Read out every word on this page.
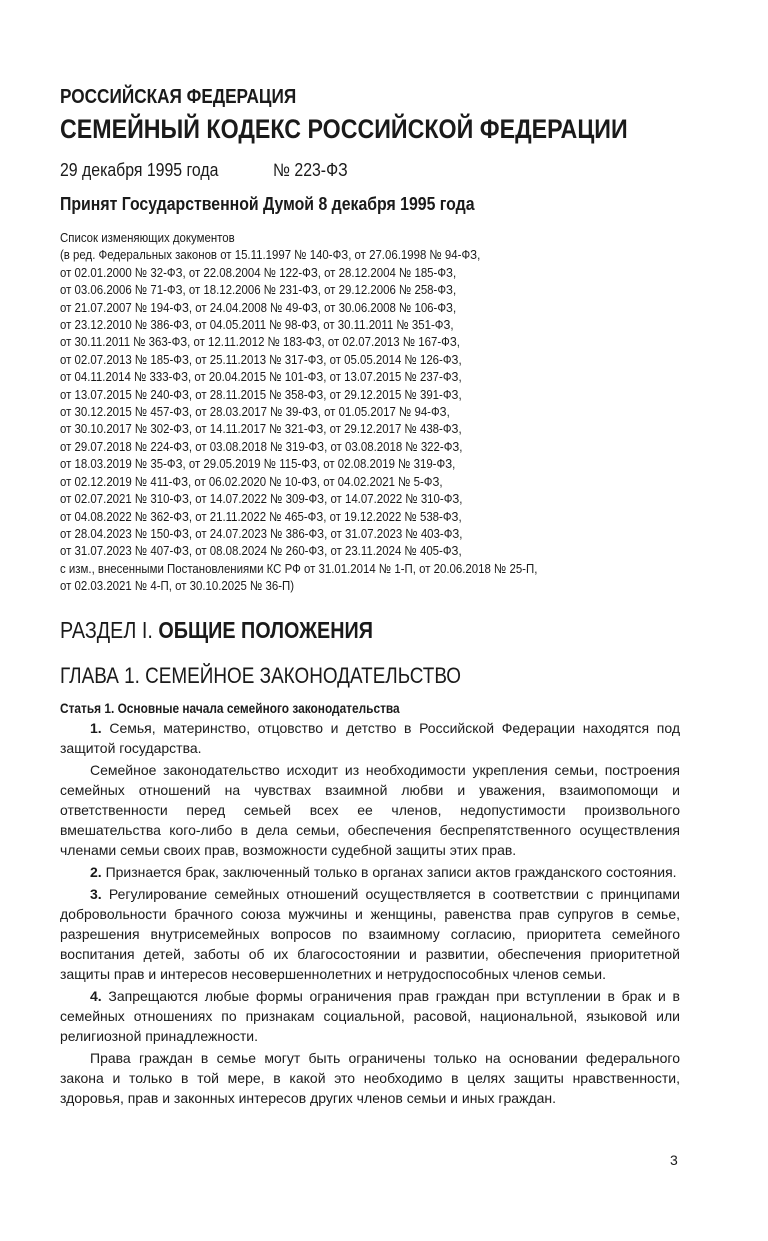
РОССИЙСКАЯ ФЕДЕРАЦИЯ
СЕМЕЙНЫЙ КОДЕКС РОССИЙСКОЙ ФЕДЕРАЦИИ
29 декабря 1995 года	№ 223-ФЗ
Принят Государственной Думой 8 декабря 1995 года
Список изменяющих документов
(в ред. Федеральных законов от 15.11.1997 № 140-ФЗ, от 27.06.1998 № 94-ФЗ,
от 02.01.2000 № 32-ФЗ, от 22.08.2004 № 122-ФЗ, от 28.12.2004 № 185-ФЗ,
от 03.06.2006 № 71-ФЗ, от 18.12.2006 № 231-ФЗ, от 29.12.2006 № 258-ФЗ,
от 21.07.2007 № 194-ФЗ, от 24.04.2008 № 49-ФЗ, от 30.06.2008 № 106-ФЗ,
от 23.12.2010 № 386-ФЗ, от 04.05.2011 № 98-ФЗ, от 30.11.2011 № 351-ФЗ,
от 30.11.2011 № 363-ФЗ, от 12.11.2012 № 183-ФЗ, от 02.07.2013 № 167-ФЗ,
от 02.07.2013 № 185-ФЗ, от 25.11.2013 № 317-ФЗ, от 05.05.2014 № 126-ФЗ,
от 04.11.2014 № 333-ФЗ, от 20.04.2015 № 101-ФЗ, от 13.07.2015 № 237-ФЗ,
от 13.07.2015 № 240-ФЗ, от 28.11.2015 № 358-ФЗ, от 29.12.2015 № 391-ФЗ,
от 30.12.2015 № 457-ФЗ, от 28.03.2017 № 39-ФЗ, от 01.05.2017 № 94-ФЗ,
от 30.10.2017 № 302-ФЗ, от 14.11.2017 № 321-ФЗ, от 29.12.2017 № 438-ФЗ,
от 29.07.2018 № 224-ФЗ, от 03.08.2018 № 319-ФЗ, от 03.08.2018 № 322-ФЗ,
от 18.03.2019 № 35-ФЗ, от 29.05.2019 № 115-ФЗ, от 02.08.2019 № 319-ФЗ,
от 02.12.2019 № 411-ФЗ, от 06.02.2020 № 10-ФЗ, от 04.02.2021 № 5-ФЗ,
от 02.07.2021 № 310-ФЗ, от 14.07.2022 № 309-ФЗ, от 14.07.2022 № 310-ФЗ,
от 04.08.2022 № 362-ФЗ, от 21.11.2022 № 465-ФЗ, от 19.12.2022 № 538-ФЗ,
от 28.04.2023 № 150-ФЗ, от 24.07.2023 № 386-ФЗ, от 31.07.2023 № 403-ФЗ,
от 31.07.2023 № 407-ФЗ, от 08.08.2024 № 260-ФЗ, от 23.11.2024 № 405-ФЗ,
с изм., внесенными Постановлениями КС РФ от 31.01.2014 № 1-П, от 20.06.2018 № 25-П,
от 02.03.2021 № 4-П, от 30.10.2025 № 36-П)
РАЗДЕЛ I. ОБЩИЕ ПОЛОЖЕНИЯ
ГЛАВА 1. СЕМЕЙНОЕ ЗАКОНОДАТЕЛЬСТВО
Статья 1. Основные начала семейного законодательства

1. Семья, материнство, отцовство и детство в Российской Федерации находятся под защитой государства.

Семейное законодательство исходит из необходимости укрепления семьи, построения семейных отношений на чувствах взаимной любви и уважения, взаимопомощи и ответственности перед семьей всех ее членов, недопустимости произвольного вмешательства кого-либо в дела семьи, обеспечения беспрепятственного осуществления членами семьи своих прав, возможности судебной защиты этих прав.

2. Признается брак, заключенный только в органах записи актов гражданского состояния.

3. Регулирование семейных отношений осуществляется в соответствии с принципами добровольности брачного союза мужчины и женщины, равенства прав супругов в семье, разрешения внутрисемейных вопросов по взаимному согласию, приоритета семейного воспитания детей, заботы об их благосостоянии и развитии, обеспечения приоритетной защиты прав и интересов несовершеннолетних и нетрудоспособных членов семьи.

4. Запрещаются любые формы ограничения прав граждан при вступлении в брак и в семейных отношениях по признакам социальной, расовой, национальной, языковой или религиозной принадлежности.

Права граждан в семье могут быть ограничены только на основании федерального закона и только в той мере, в какой это необходимо в целях защиты нравственности, здоровья, прав и законных интересов других членов семьи и иных граждан.

3
